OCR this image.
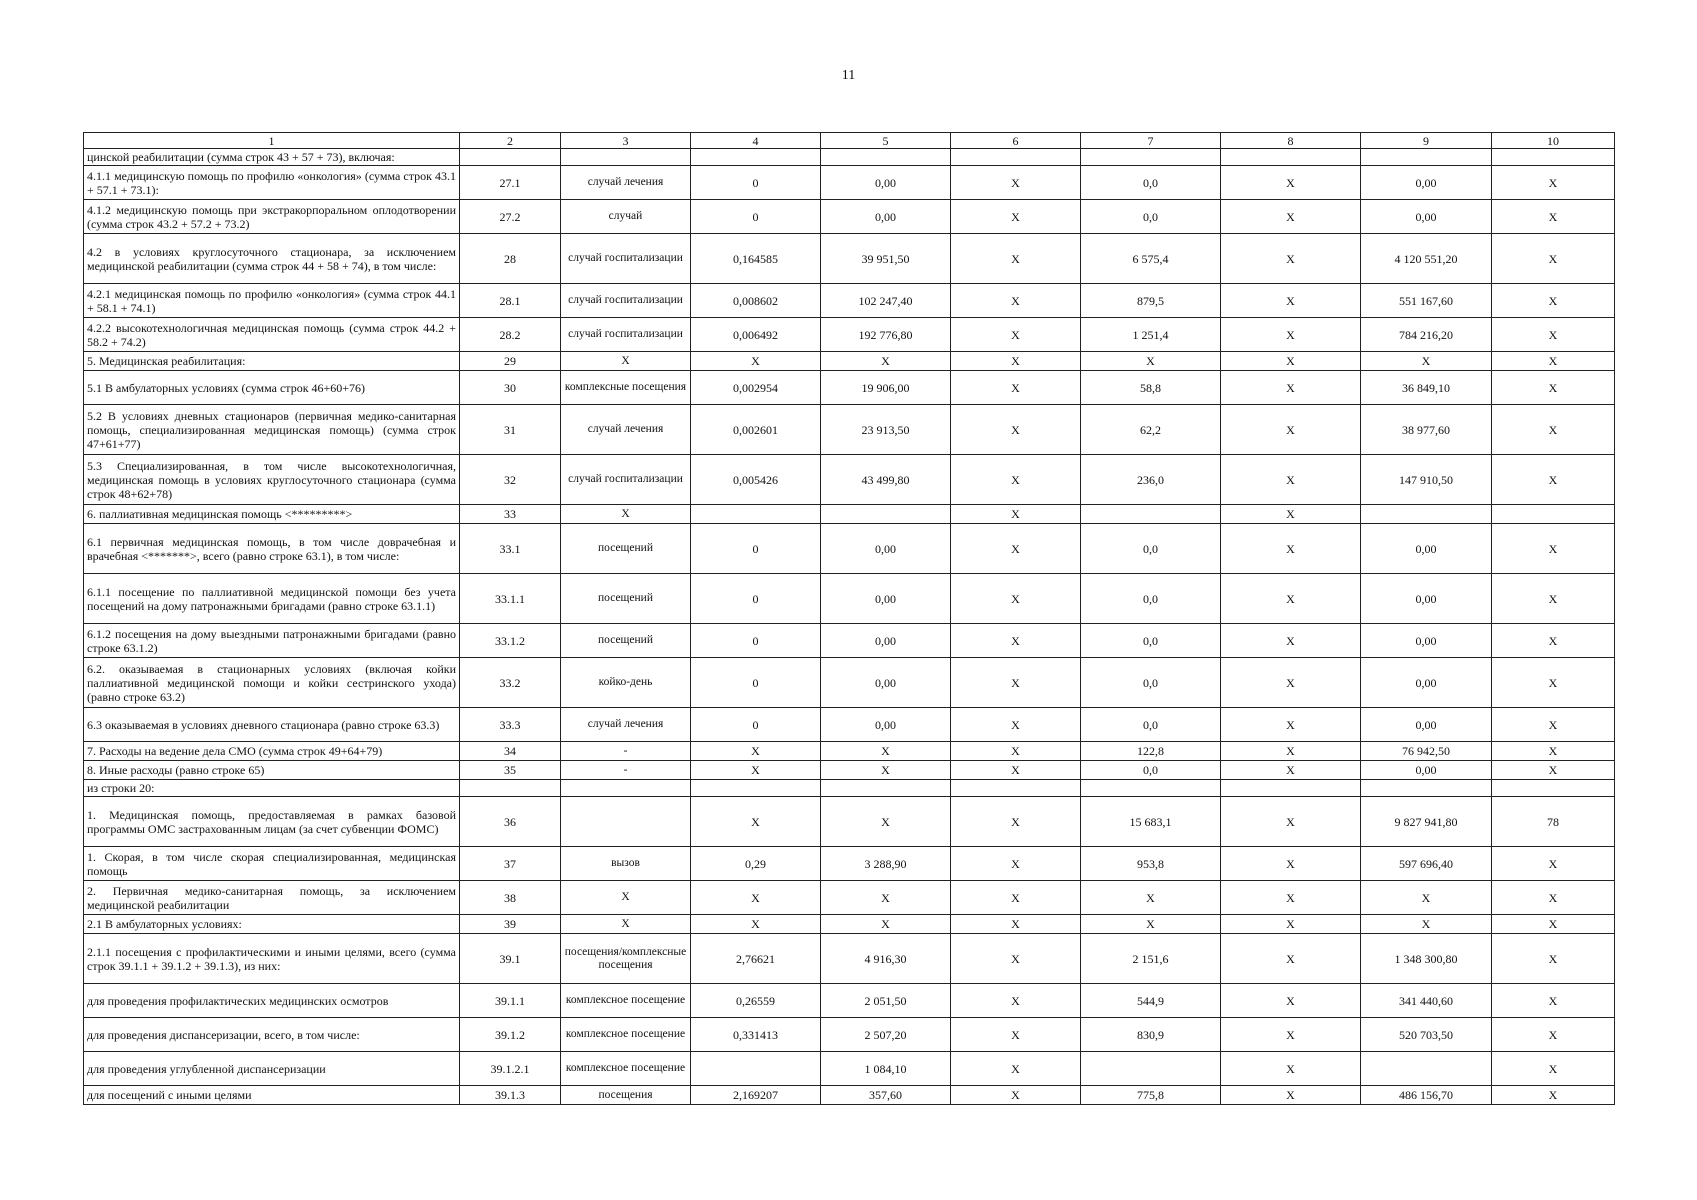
11
1	2	3	4	5	6	7	8	9	10
цинской реабилитации (сумма строк 43 + 57 + 73), включая:									
4.1.1 медицинскую помощь по профилю «онкология» (сумма строк 43.1 + 57.1 + 73.1):	27.1	случай лечения	0	0,00	Х	0,0	Х	0,00	Х
4.1.2 медицинскую помощь при экстракорпоральном оплодотворении (сумма строк 43.2 + 57.2 + 73.2)	27.2	случай	0	0,00	Х	0,0	Х	0,00	Х
4.2 в условиях круглосуточного стационара, за исключением медицинской реабилитации (сумма строк 44 + 58 + 74), в том числе:	28	случай госпитализации	0,164585	39 951,50	Х	6 575,4	Х	4 120 551,20	Х
4.2.1 медицинская помощь по профилю «онкология» (сумма строк 44.1 + 58.1 + 74.1)	28.1	случай госпитализации	0,008602	102 247,40	Х	879,5	Х	551 167,60	Х
4.2.2 высокотехнологичная медицинская помощь (сумма строк 44.2 + 58.2 + 74.2)	28.2	случай госпитализации	0,006492	192 776,80	Х	1 251,4	Х	784 216,20	Х
5. Медицинская реабилитация:	29	Х	Х	Х	Х	Х	Х	Х	Х
5.1 В амбулаторных условиях (сумма строк 46+60+76)	30	комплексные посещения	0,002954	19 906,00	Х	58,8	Х	36 849,10	Х
5.2 В условиях дневных стационаров (первичная медико-санитарная помощь, специализированная медицинская помощь) (сумма строк 47+61+77)	31	случай лечения	0,002601	23 913,50	Х	62,2	Х	38 977,60	Х
5.3 Специализированная, в том числе высокотехнологичная, медицинская помощь в условиях круглосуточного стационара (сумма строк 48+62+78)	32	случай госпитализации	0,005426	43 499,80	Х	236,0	Х	147 910,50	Х
6. паллиативная медицинская помощь <*********>	33	Х			Х		Х		
6.1 первичная медицинская помощь, в том числе доврачебная и врачебная <*******>, всего (равно строке 63.1), в том числе:	33.1	посещений	0	0,00	Х	0,0	Х	0,00	Х
6.1.1 посещение по паллиативной медицинской помощи без учета посещений на дому патронажными бригадами (равно строке 63.1.1)	33.1.1	посещений	0	0,00	Х	0,0	Х	0,00	Х
6.1.2 посещения на дому выездными патронажными бригадами (равно строке 63.1.2)	33.1.2	посещений	0	0,00	Х	0,0	Х	0,00	Х
6.2. оказываемая в стационарных условиях (включая койки паллиативной медицинской помощи и койки сестринского ухода) (равно строке 63.2)	33.2	койко-день	0	0,00	Х	0,0	Х	0,00	Х
6.3 оказываемая в условиях дневного стационара (равно строке 63.3)	33.3	случай лечения	0	0,00	Х	0,0	Х	0,00	Х
7. Расходы на ведение дела СМО (сумма строк 49+64+79)	34	-	Х	Х	Х	122,8	Х	76 942,50	Х
8. Иные расходы (равно строке 65)	35	-	Х	Х	Х	0,0	Х	0,00	Х
из строки 20:									
1. Медицинская помощь, предоставляемая в рамках базовой программы ОМС застрахованным лицам (за счет субвенции ФОМС)	36		Х	Х	Х	15 683,1	Х	9 827 941,80	78
1. Скорая, в том числе скорая специализированная, медицинская помощь	37	вызов	0,29	3 288,90	Х	953,8	Х	597 696,40	Х
2. Первичная медико-санитарная помощь, за исключением медицинской реабилитации	38	Х	Х	Х	Х	Х	Х	Х	Х
2.1 В амбулаторных условиях:	39	Х	Х	Х	Х	Х	Х	Х	Х
2.1.1 посещения с профилактическими и иными целями, всего (сумма строк 39.1.1 + 39.1.2 + 39.1.3), из них:	39.1	посещения/комплексные посещения	2,76621	4 916,30	Х	2 151,6	Х	1 348 300,80	Х
для проведения профилактических медицинских осмотров	39.1.1	комплексное посещение	0,26559	2 051,50	Х	544,9	Х	341 440,60	Х
для проведения диспансеризации, всего, в том числе:	39.1.2	комплексное посещение	0,331413	2 507,20	Х	830,9	Х	520 703,50	Х
для проведения углубленной диспансеризации	39.1.2.1	комплексное посещение		1 084,10	Х		Х		Х
для посещений с иными целями	39.1.3	посещения	2,169207	357,60	Х	775,8	Х	486 156,70	Х
